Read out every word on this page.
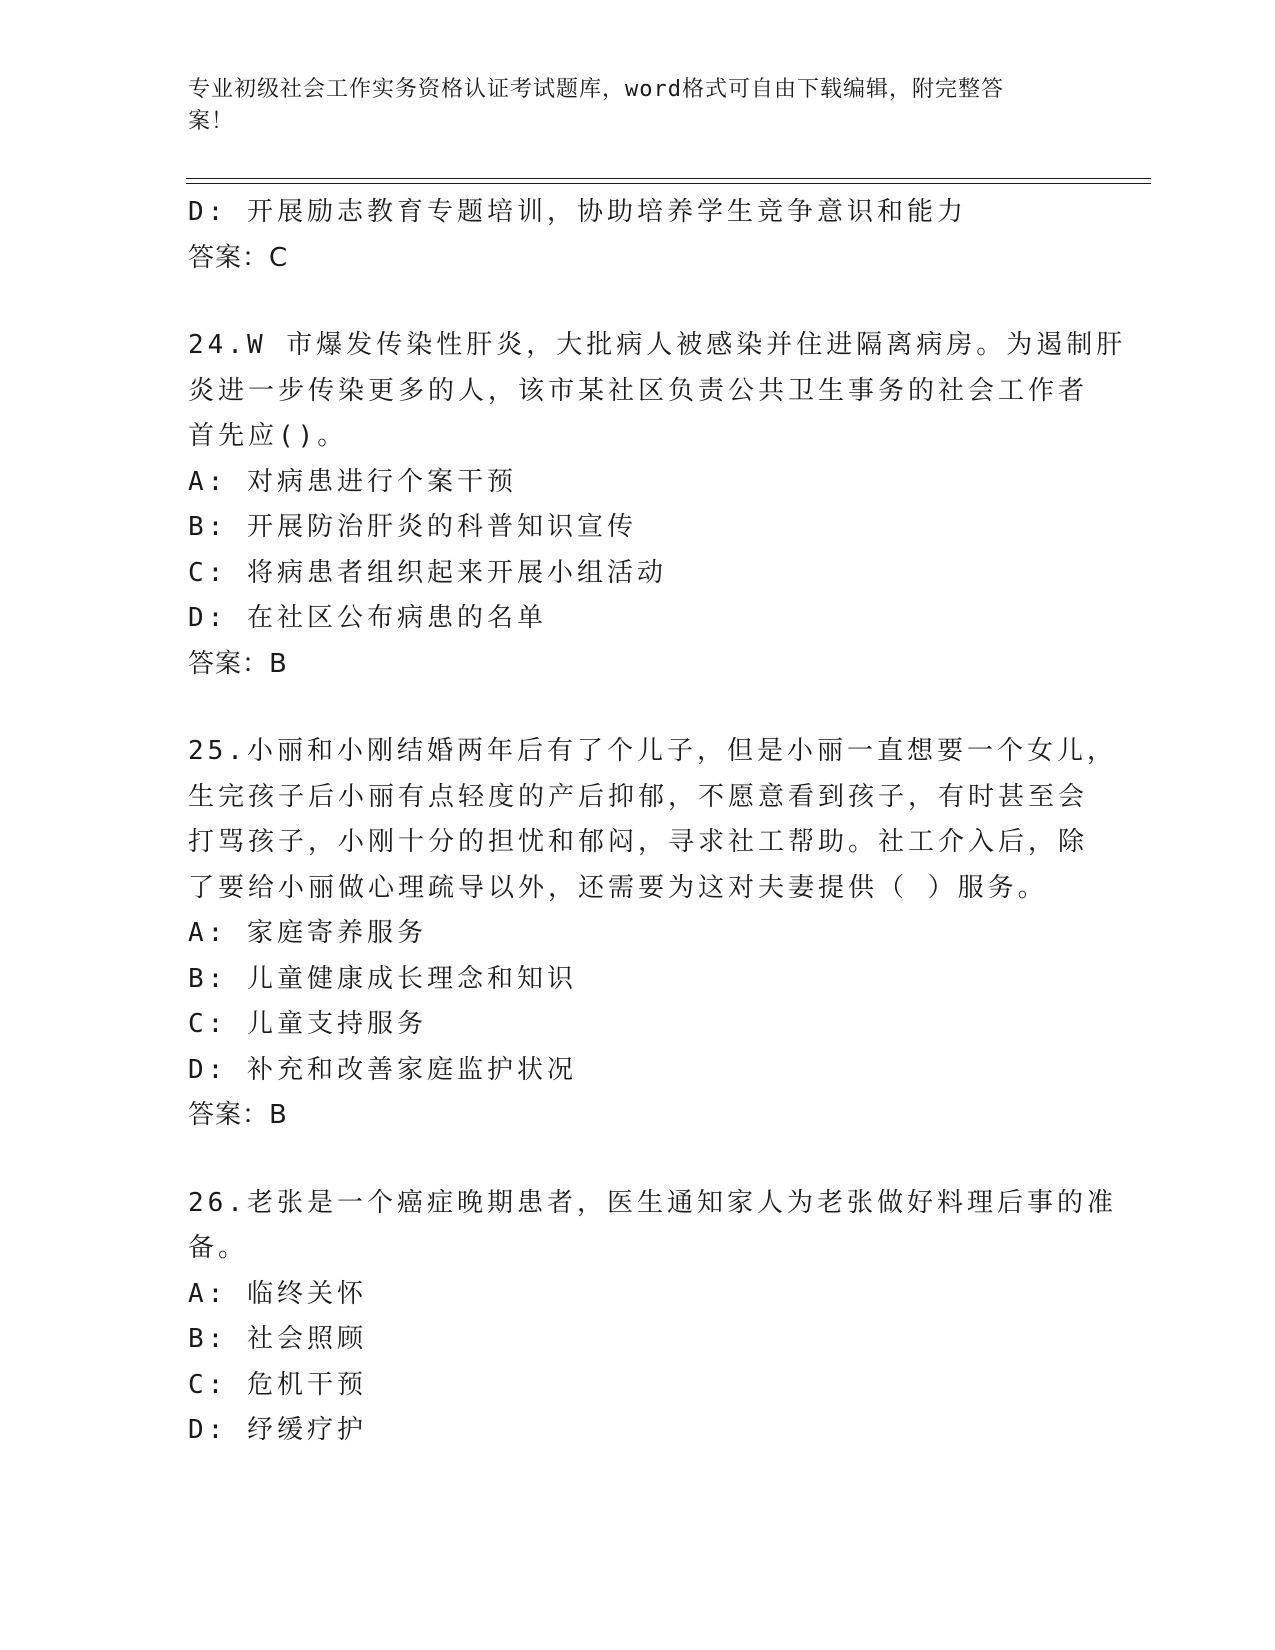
专业初级社会工作实务资格认证考试题库，word格式可自由下载编辑，附完整答
案！
D: 开展励志教育专题培训，协助培养学生竞争意识和能力
答案：C
24.W 市爆发传染性肝炎，大批病人被感染并住进隔离病房。为遏制肝
炎进一步传染更多的人，该市某社区负责公共卫生事务的社会工作者
首先应()。
A: 对病患进行个案干预
B: 开展防治肝炎的科普知识宣传
C: 将病患者组织起来开展小组活动
D: 在社区公布病患的名单
答案：B
25.小丽和小刚结婚两年后有了个儿子，但是小丽一直想要一个女儿，
生完孩子后小丽有点轻度的产后抑郁，不愿意看到孩子，有时甚至会
打骂孩子，小刚十分的担忧和郁闷，寻求社工帮助。社工介入后，除
了要给小丽做心理疏导以外，还需要为这对夫妻提供（ ）服务。
A: 家庭寄养服务
B: 儿童健康成长理念和知识
C: 儿童支持服务
D: 补充和改善家庭监护状况
答案：B
26.老张是一个癌症晚期患者，医生通知家人为老张做好料理后事的准
备。
A: 临终关怀
B: 社会照顾
C: 危机干预
D: 纾缓疗护
